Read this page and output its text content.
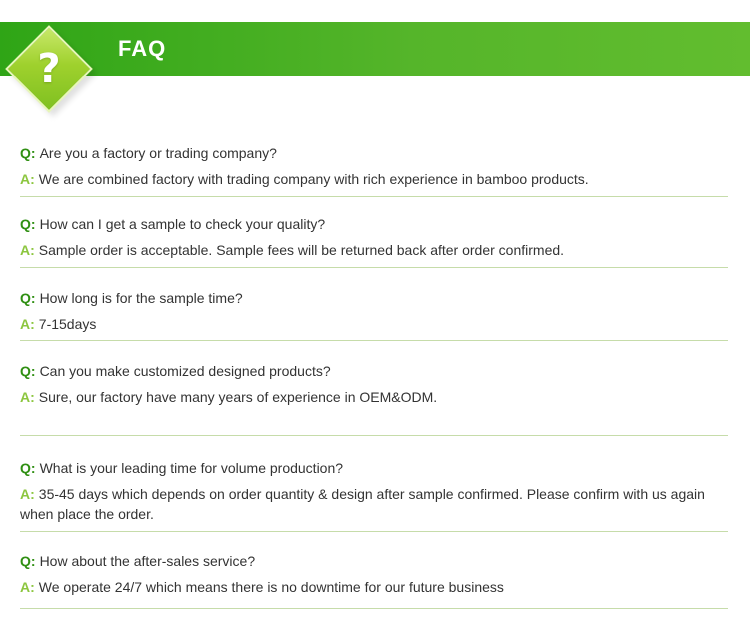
?	FAQ
Q: Are you a factory or trading company?
A: We are combined factory with trading company with rich experience in bamboo products.
Q: How can I get a sample to check your quality?
A: Sample order is acceptable. Sample fees will be returned back after order confirmed.
Q: How long is for the sample time?
A: 7-15days
Q: Can you make customized designed products?
A: Sure, our factory have many years of experience in OEM&ODM.
Q: What is your leading time for volume production?
A: 35-45 days which depends on order quantity & design after sample confirmed. Please confirm with us again when place the order.
Q: How about the after-sales service?
A: We operate 24/7 which means there is no downtime for our future business
